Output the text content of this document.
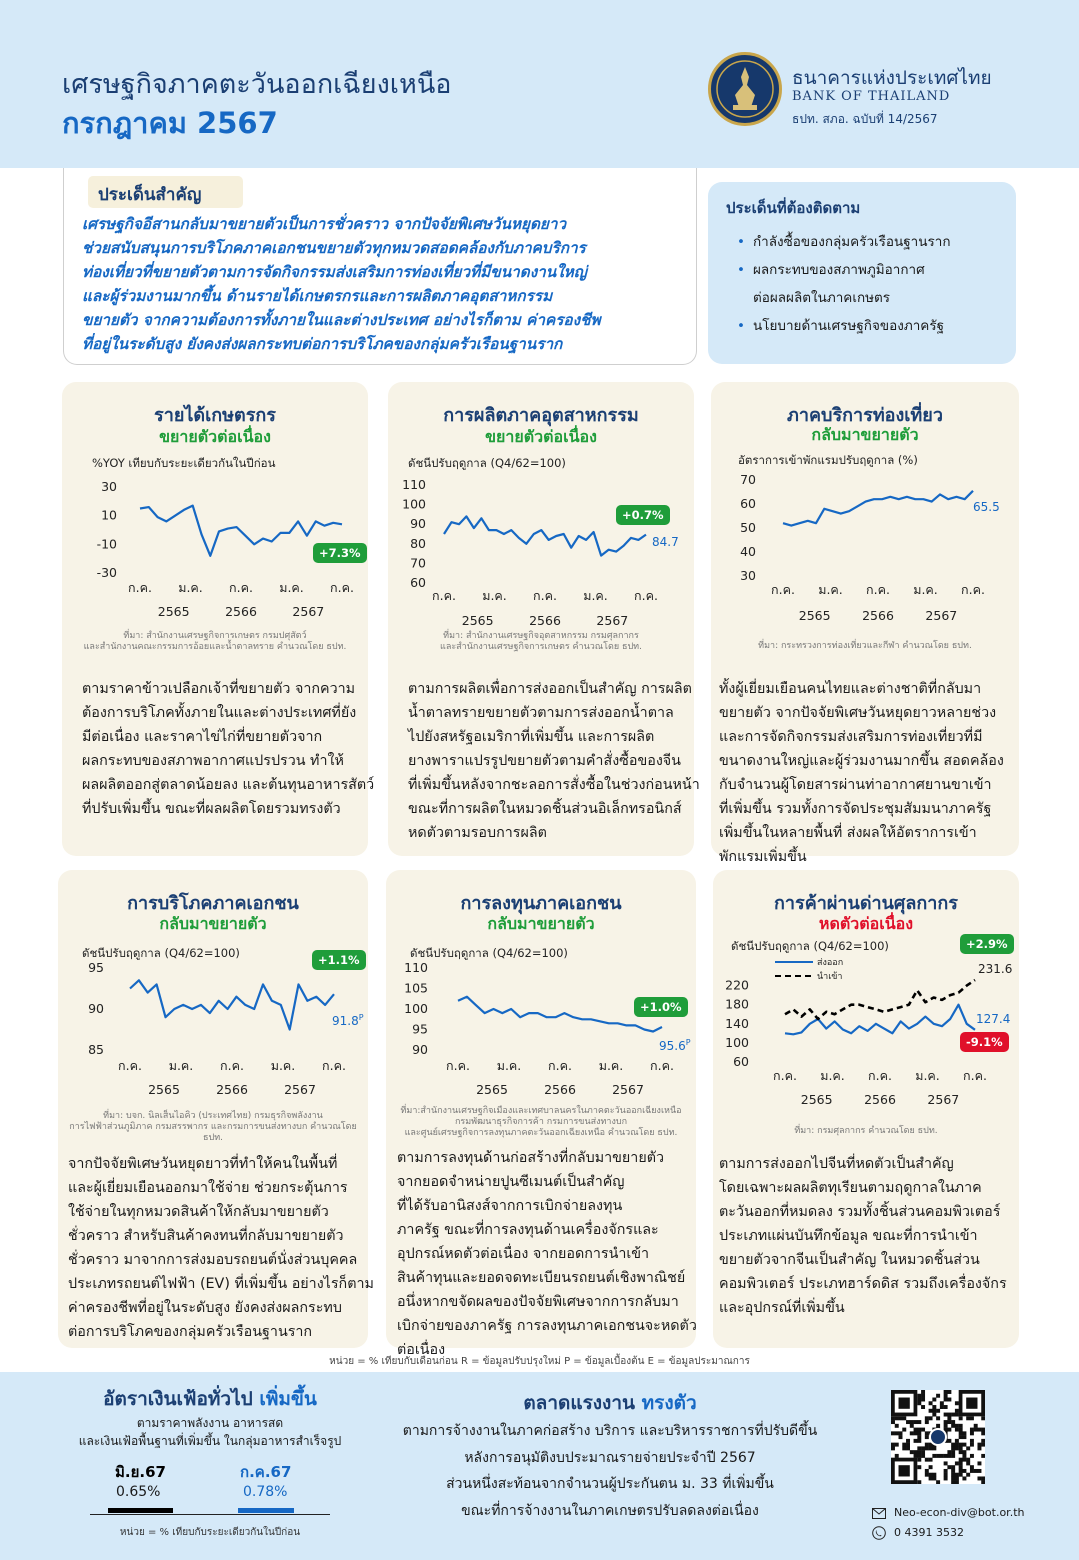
เศรษฐกิจภาคตะวันออกเฉียงเหนือ
กรกฎาคม 2567
ธนาคารแห่งประเทศไทย
BANK OF THAILAND
ธปท. สภอ. ฉบับที่ 14/2567
ประเด็นสำคัญ
เศรษฐกิจอีสานกลับมาขยายตัวเป็นการชั่วคราว จากปัจจัยพิเศษวันหยุดยาว
ช่วยสนับสนุนการบริโภคภาคเอกชนขยายตัวทุกหมวดสอดคล้องกับภาคบริการ
ท่องเที่ยวที่ขยายตัวตามการจัดกิจกรรมส่งเสริมการท่องเที่ยวที่มีขนาดงานใหญ่
และผู้ร่วมงานมากขึ้น ด้านรายได้เกษตรกรและการผลิตภาคอุตสาหกรรม
ขยายตัว จากความต้องการทั้งภายในและต่างประเทศ อย่างไรก็ตาม ค่าครองชีพ
ที่อยู่ในระดับสูง ยังคงส่งผลกระทบต่อการบริโภคของกลุ่มครัวเรือนฐานราก
ประเด็นที่ต้องติดตาม
• กำลังซื้อของกลุ่มครัวเรือนฐานราก
• ผลกระทบของสภาพภูมิอากาศ
ต่อผลผลิตในภาคเกษตร
• นโยบายด้านเศรษฐกิจของภาครัฐ
รายได้เกษตรกร
ขยายตัวต่อเนื่อง
%YOY เทียบกับระยะเดียวกันในปีก่อน
30
10
-10
-30
ก.ค. ม.ค. ก.ค. ม.ค. ก.ค.
2565	2566	2567
+7.3%
ที่มา: สำนักงานเศรษฐกิจการเกษตร กรมปศุสัตว์
และสำนักงานคณะกรรมการอ้อยและน้ำตาลทราย คำนวณโดย ธปท.
ตามราคาข้าวเปลือกเจ้าที่ขยายตัว จากความ
ต้องการบริโภคทั้งภายในและต่างประเทศที่ยัง
มีต่อเนื่อง และราคาไข่ไก่ที่ขยายตัวจาก
ผลกระทบของสภาพอากาศแปรปรวน ทำให้
ผลผลิตออกสู่ตลาดน้อยลง และต้นทุนอาหารสัตว์
ที่ปรับเพิ่มขึ้น ขณะที่ผลผลิตโดยรวมทรงตัว
การผลิตภาคอุตสาหกรรม
ขยายตัวต่อเนื่อง
ดัชนีปรับฤดูกาล (Q4/62=100)
110
100
90
80
70
60
ก.ค. ม.ค. ก.ค. ม.ค. ก.ค.
2565	2566	2567
+0.7%
84.7
ที่มา: สำนักงานเศรษฐกิจอุตสาหกรรม กรมศุลกากร
และสำนักงานเศรษฐกิจการเกษตร คำนวณโดย ธปท.
ตามการผลิตเพื่อการส่งออกเป็นสำคัญ การผลิต
น้ำตาลทรายขยายตัวตามการส่งออกน้ำตาล
ไปยังสหรัฐอเมริกาที่เพิ่มขึ้น และการผลิต
ยางพาราแปรรูปขยายตัวตามคำสั่งซื้อของจีน
ที่เพิ่มขึ้นหลังจากชะลอการสั่งซื้อในช่วงก่อนหน้า
ขณะที่การผลิตในหมวดชิ้นส่วนอิเล็กทรอนิกส์
หดตัวตามรอบการผลิต
ภาคบริการท่องเที่ยว
กลับมาขยายตัว
อัตราการเข้าพักแรมปรับฤดูกาล (%)
70
60
50
40
30
ก.ค. ม.ค. ก.ค. ม.ค. ก.ค.
2565	2566	2567
65.5
ที่มา: กระทรวงการท่องเที่ยวและกีฬา คำนวณโดย ธปท.
ทั้งผู้เยี่ยมเยือนคนไทยและต่างชาติที่กลับมา
ขยายตัว จากปัจจัยพิเศษวันหยุดยาวหลายช่วง
และการจัดกิจกรรมส่งเสริมการท่องเที่ยวที่มี
ขนาดงานใหญ่และผู้ร่วมงานมากขึ้น สอดคล้อง
กับจำนวนผู้โดยสารผ่านท่าอากาศยานขาเข้า
ที่เพิ่มขึ้น รวมทั้งการจัดประชุมสัมมนาภาครัฐ
เพิ่มขึ้นในหลายพื้นที่ ส่งผลให้อัตราการเข้า
พักแรมเพิ่มขึ้น
การบริโภคภาคเอกชน
กลับมาขยายตัว
ดัชนีปรับฤดูกาล (Q4/62=100)
95
90
85
ก.ค. ม.ค. ก.ค. ม.ค. ก.ค.
2565	2566	2567
+1.1%
$91.8^P$
ที่มา: บจก. นิลเส็นไอคิว (ประเทศไทย) กรมธุรกิจพลังงาน
การไฟฟ้าส่วนภูมิภาค กรมสรรพากร และกรมการขนส่งทางบก คำนวณโดย ธปท.
จากปัจจัยพิเศษวันหยุดยาวที่ทำให้คนในพื้นที่
และผู้เยี่ยมเยือนออกมาใช้จ่าย ช่วยกระตุ้นการ
ใช้จ่ายในทุกหมวดสินค้าให้กลับมาขยายตัว
ชั่วคราว สำหรับสินค้าคงทนที่กลับมาขยายตัว
ชั่วคราว มาจากการส่งมอบรถยนต์นั่งส่วนบุคคล
ประเภทรถยนต์ไฟฟ้า (EV) ที่เพิ่มขึ้น อย่างไรก็ตาม
ค่าครองชีพที่อยู่ในระดับสูง ยังคงส่งผลกระทบ
ต่อการบริโภคของกลุ่มครัวเรือนฐานราก
การลงทุนภาคเอกชน
กลับมาขยายตัว
ดัชนีปรับฤดูกาล (Q4/62=100)
110
105
100
95
90
ก.ค. ม.ค. ก.ค. ม.ค. ก.ค.
2565	2566	2567
+1.0%
$95.6^P$
ที่มา:สำนักงานเศรษฐกิจเมืองและเทศบาลนครในภาคตะวันออกเฉียงเหนือ
กรมพัฒนาธุรกิจการค้า กรมการขนส่งทางบก
และศูนย์เศรษฐกิจการลงทุนภาคตะวันออกเฉียงเหนือ คำนวณโดย ธปท.
ตามการลงทุนด้านก่อสร้างที่กลับมาขยายตัว
จากยอดจำหน่ายปูนซีเมนต์เป็นสำคัญ
ที่ได้รับอานิสงส์จากการเบิกจ่ายลงทุน
ภาครัฐ ขณะที่การลงทุนด้านเครื่องจักรและ
อุปกรณ์หดตัวต่อเนื่อง จากยอดการนำเข้า
สินค้าทุนและยอดจดทะเบียนรถยนต์เชิงพาณิชย์
อนึ่งหากขจัดผลของปัจจัยพิเศษจากการกลับมา
เบิกจ่ายของภาครัฐ การลงทุนภาคเอกชนจะหดตัว
ต่อเนื่อง
การค้าผ่านด่านศุลกากร
หดตัวต่อเนื่อง
ดัชนีปรับฤดูกาล (Q4/62=100)
220
180
140
100
60
ก.ค. ม.ค. ก.ค. ม.ค. ก.ค.
2565	2566	2567
ส่งออก
นำเข้า
+2.9%
-9.1%
231.6
127.4
ที่มา: กรมศุลกากร คำนวณโดย ธปท.
ตามการส่งออกไปจีนที่หดตัวเป็นสำคัญ
โดยเฉพาะผลผลิตทุเรียนตามฤดูกาลในภาค
ตะวันออกที่หมดลง รวมทั้งชิ้นส่วนคอมพิวเตอร์
ประเภทแผ่นบันทึกข้อมูล ขณะที่การนำเข้า
ขยายตัวจากจีนเป็นสำคัญ ในหมวดชิ้นส่วน
คอมพิวเตอร์ ประเภทฮาร์ดดิส รวมถึงเครื่องจักร
และอุปกรณ์ที่เพิ่มขึ้น
หน่วย = % เทียบกับเดือนก่อน R = ข้อมูลปรับปรุงใหม่ P = ข้อมูลเบื้องต้น E = ข้อมูลประมาณการ
อัตราเงินเฟ้อทั่วไป เพิ่มขึ้น
ตามราคาพลังงาน อาหารสด
และเงินเฟ้อพื้นฐานที่เพิ่มขึ้น ในกลุ่มอาหารสำเร็จรูป
มิ.ย.67
0.65%
ก.ค.67
0.78%
หน่วย = % เทียบกับระยะเดียวกันในปีก่อน
ตลาดแรงงาน ทรงตัว
ตามการจ้างงานในภาคก่อสร้าง บริการ และบริหารราชการที่ปรับดีขึ้น
หลังการอนุมัติงบประมาณรายจ่ายประจำปี 2567
ส่วนหนึ่งสะท้อนจากจำนวนผู้ประกันตน ม. 33 ที่เพิ่มขึ้น
ขณะที่การจ้างงานในภาคเกษตรปรับลดลงต่อเนื่อง	Neo-econ-div@bot.or.th
0 4391 3532
